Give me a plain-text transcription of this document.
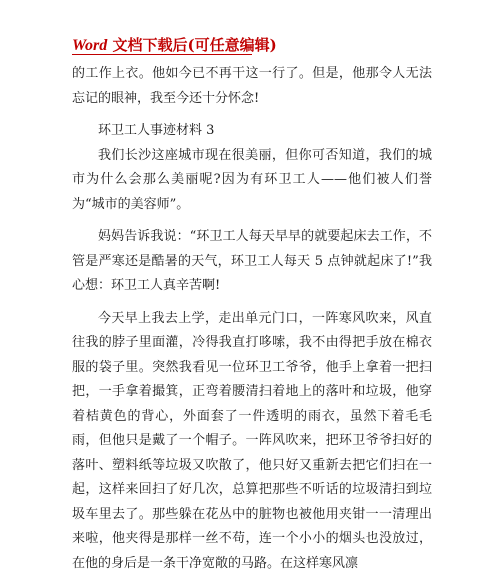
Word 文档下载后(可任意编辑)

的工作上衣。他如今已不再干这一行了。但是，他那令人无法忘记的眼神，我至今还十分怀念!

环卫工人事迹材料 3

我们长沙这座城市现在很美丽，但你可否知道，我们的城市为什么会那么美丽呢?因为有环卫工人——他们被人们誉为“城市的美容师”。

妈妈告诉我说：“环卫工人每天早早的就要起床去工作，不管是严寒还是酷暑的天气，环卫工人每天 5 点钟就起床了!”我心想：环卫工人真辛苦啊!

今天早上我去上学，走出单元门口，一阵寒风吹来，风直往我的脖子里面灌，冷得我直打哆嗦，我不由得把手放在棉衣服的袋子里。突然我看见一位环卫工爷爷，他手上拿着一把扫把，一手拿着撮箕，正弯着腰清扫着地上的落叶和垃圾，他穿着桔黄色的背心，外面套了一件透明的雨衣，虽然下着毛毛雨，但他只是戴了一个帽子。一阵风吹来，把环卫爷爷扫好的落叶、塑料纸等垃圾又吹散了，他只好又重新去把它们扫在一起，这样来回扫了好几次，总算把那些不听话的垃圾清扫到垃圾车里去了。那些躲在花丛中的脏物也被他用夹钳一一清理出来啦，他夹得是那样一丝不苟，连一个小小的烟头也没放过，在他的身后是一条干净宽敞的马路。在这样寒风凛
